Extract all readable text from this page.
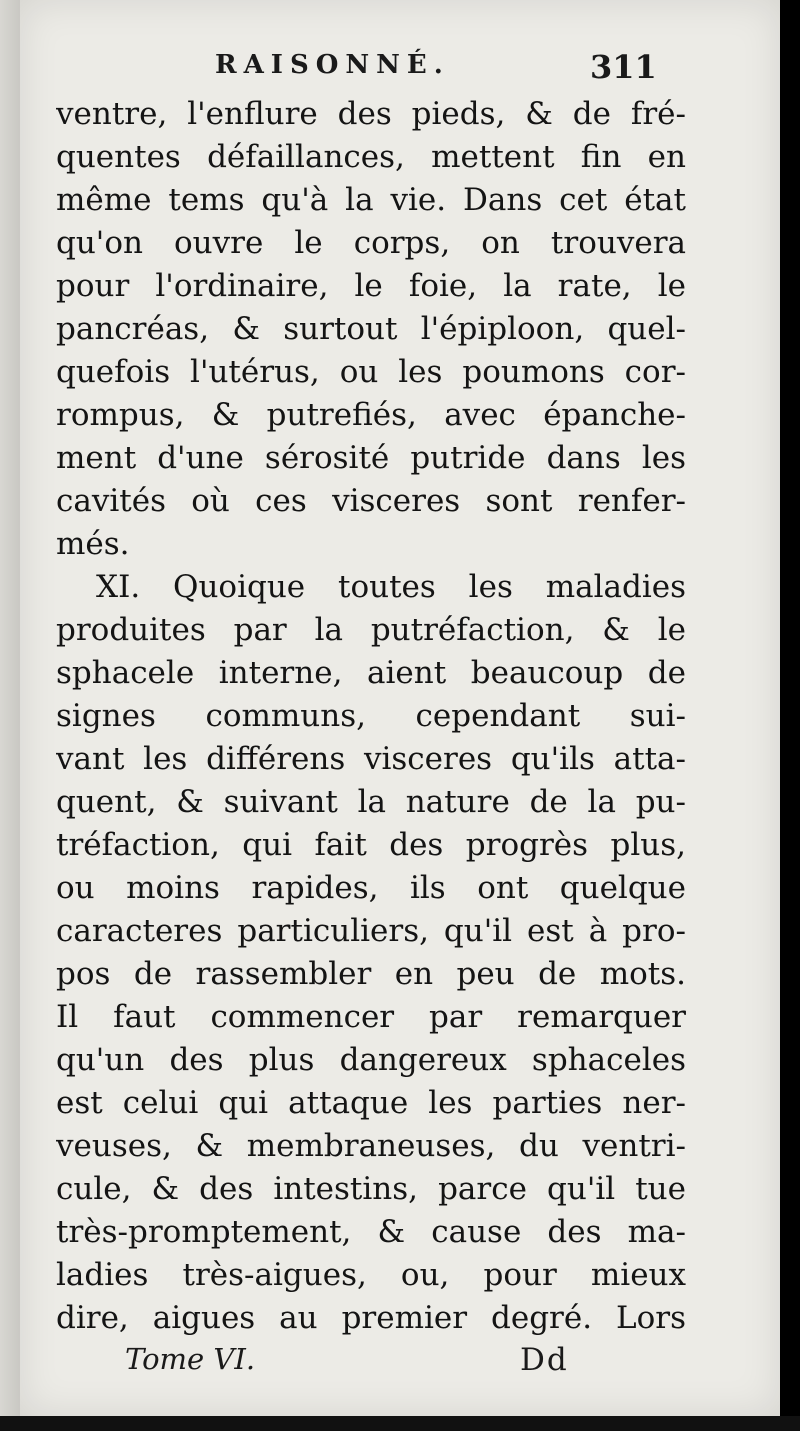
RAISONNÉ.	311
ventre, l'enflure des pieds, & de fré-
quentes défaillances, mettent fin en
même tems qu'à la vie. Dans cet état
qu'on ouvre le corps, on trouvera
pour l'ordinaire, le foie, la rate, le
pancréas, & surtout l'épiploon, quel-
quefois l'utérus, ou les poumons cor-
rompus, & putrefiés, avec épanche-
ment d'une sérosité putride dans les
cavités où ces visceres sont renfer-
més.
XI. Quoique toutes les maladies
produites par la putréfaction, & le
sphacele interne, aient beaucoup de
signes communs, cependant sui-
vant les différens visceres qu'ils atta-
quent, & suivant la nature de la pu-
tréfaction, qui fait des progrès plus,
ou moins rapides, ils ont quelque
caracteres particuliers, qu'il est à pro-
pos de rassembler en peu de mots.
Il faut commencer par remarquer
qu'un des plus dangereux sphaceles
est celui qui attaque les parties ner-
veuses, & membraneuses, du ventri-
cule, & des intestins, parce qu'il tue
très-promptement, & cause des ma-
ladies très-aigues, ou, pour mieux
dire, aigues au premier degré. Lors
Tome VI.	Dd
